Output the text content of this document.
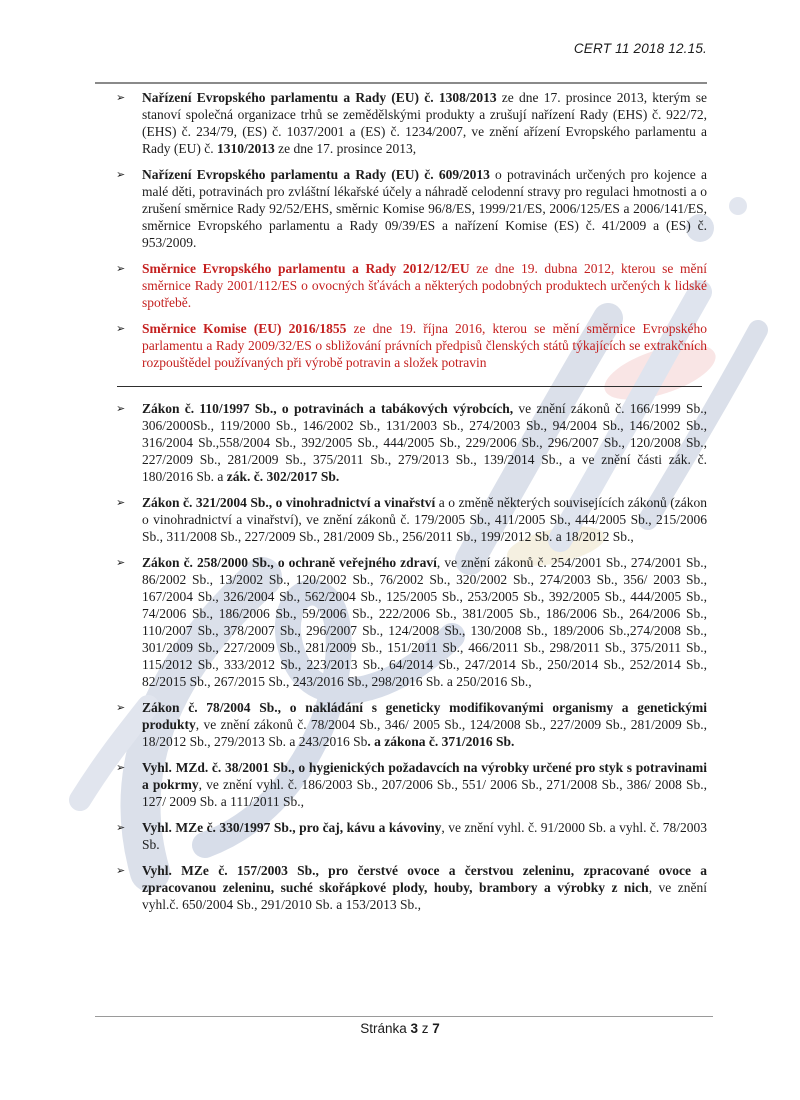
CERT 11 2018 12.15.
➢	Nařízení Evropského parlamentu a Rady (EU) č. 1308/2013 ze dne 17. prosince 2013, kterým se stanoví společná organizace trhů se zemědělskými produkty a zrušují nařízení Rady (EHS) č. 922/72, (EHS) č. 234/79, (ES) č. 1037/2001 a (ES) č. 1234/2007, ve znění ařízení Evropského parlamentu a Rady (EU) č. 1310/2013 ze dne 17. prosince 2013,

➢	Nařízení Evropského parlamentu a Rady (EU) č. 609/2013 o potravinách určených pro kojence a malé děti, potravinách pro zvláštní lékařské účely a náhradě celodenní stravy pro regulaci hmotnosti a o zrušení směrnice Rady 92/52/EHS, směrnic Komise 96/8/ES, 1999/21/ES, 2006/125/ES a 2006/141/ES, směrnice Evropského parlamentu a Rady 09/39/ES a nařízení Komise (ES) č. 41/2009 a (ES) č. 953/2009.

➢	Směrnice Evropského parlamentu a Rady 2012/12/EU ze dne 19. dubna 2012, kterou se mění směrnice Rady 2001/112/ES o ovocných šťávách a některých podobných produktech určených k lidské spotřebě.

➢	Směrnice Komise (EU) 2016/1855 ze dne 19. října 2016, kterou se mění směrnice Evropského parlamentu a Rady 2009/32/ES o sbližování právních předpisů členských států týkajících se extrakčních rozpouštědel používaných při výrobě potravin a složek potravin

➢	Zákon č. 110/1997 Sb., o potravinách a tabákových výrobcích, ve znění zákonů č. 166/1999 Sb., 306/2000Sb., 119/2000 Sb., 146/2002 Sb., 131/2003 Sb., 274/2003 Sb., 94/2004 Sb., 146/2002 Sb., 316/2004 Sb.,558/2004 Sb., 392/2005 Sb., 444/2005 Sb., 229/2006 Sb., 296/2007 Sb., 120/2008 Sb., 227/2009 Sb., 281/2009 Sb., 375/2011 Sb., 279/2013 Sb., 139/2014 Sb., a ve znění části zák. č. 180/2016 Sb. a zák. č. 302/2017 Sb.

➢	Zákon č. 321/2004 Sb., o vinohradnictví a vinařství a o změně některých souvisejících zákonů (zákon o vinohradnictví a vinařství), ve znění zákonů č. 179/2005 Sb., 411/2005 Sb., 444/2005 Sb., 215/2006 Sb., 311/2008 Sb., 227/2009 Sb., 281/2009 Sb., 256/2011 Sb., 199/2012 Sb. a 18/2012 Sb.,

➢	Zákon č. 258/2000 Sb., o ochraně veřejného zdraví, ve znění zákonů č. 254/2001 Sb., 274/2001 Sb., 86/2002 Sb., 13/2002 Sb., 120/2002 Sb., 76/2002 Sb., 320/2002 Sb., 274/2003 Sb., 356/ 2003 Sb., 167/2004 Sb., 326/2004 Sb., 562/2004 Sb., 125/2005 Sb., 253/2005 Sb., 392/2005 Sb., 444/2005 Sb., 74/2006 Sb., 186/2006 Sb., 59/2006 Sb., 222/2006 Sb., 381/2005 Sb., 186/2006 Sb., 264/2006 Sb., 110/2007 Sb., 378/2007 Sb., 296/2007 Sb., 124/2008 Sb., 130/2008 Sb., 189/2006 Sb.,274/2008 Sb., 301/2009 Sb., 227/2009 Sb., 281/2009 Sb., 151/2011 Sb., 466/2011 Sb., 298/2011 Sb., 375/2011 Sb., 115/2012 Sb., 333/2012 Sb., 223/2013 Sb., 64/2014 Sb., 247/2014 Sb., 250/2014 Sb., 252/2014 Sb., 82/2015 Sb., 267/2015 Sb., 243/2016 Sb., 298/2016 Sb. a 250/2016 Sb.,

➢	Zákon č. 78/2004 Sb., o nakládání s geneticky modifikovanými organismy a genetickými produkty, ve znění zákonů č. 78/2004 Sb., 346/ 2005 Sb., 124/2008 Sb., 227/2009 Sb., 281/2009 Sb., 18/2012 Sb., 279/2013 Sb. a 243/2016 Sb. a zákona č. 371/2016 Sb.

➢	Vyhl. MZd. č. 38/2001 Sb., o hygienických požadavcích na výrobky určené pro styk s potravinami a pokrmy, ve znění vyhl. č. 186/2003 Sb., 207/2006 Sb., 551/ 2006 Sb., 271/2008 Sb., 386/ 2008 Sb., 127/ 2009 Sb. a 111/2011 Sb.,

➢	Vyhl. MZe č. 330/1997 Sb., pro čaj, kávu a kávoviny, ve znění vyhl. č. 91/2000 Sb. a vyhl. č. 78/2003 Sb.

➢	Vyhl. MZe č. 157/2003 Sb., pro čerstvé ovoce a čerstvou zeleninu, zpracované ovoce a zpracovanou zeleninu, suché skořápkové plody, houby, brambory a výrobky z nich, ve znění vyhl.č. 650/2004 Sb., 291/2010 Sb. a 153/2013 Sb.,

Stránka 3 z 7
